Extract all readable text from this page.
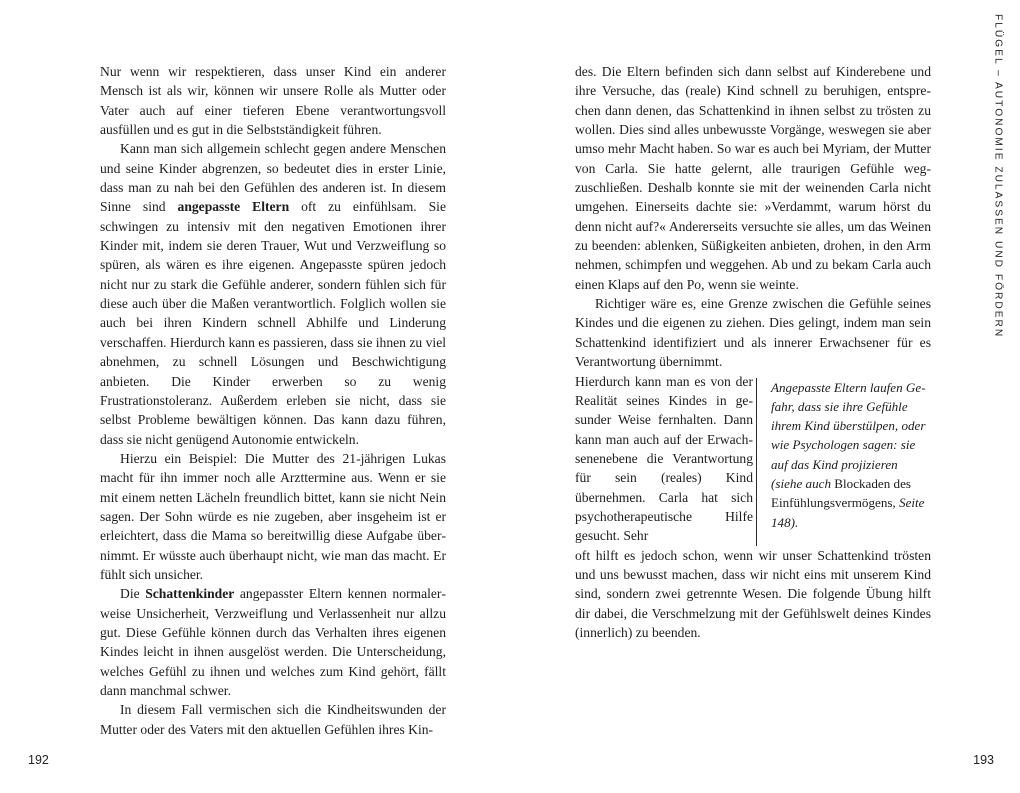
Nur wenn wir respektieren, dass unser Kind ein anderer Mensch ist als wir, können wir unsere Rolle als Mutter oder Vater auch auf einer tieferen Ebene verantwortungsvoll ausfüllen und es gut in die Selbstständigkeit führen.

Kann man sich allgemein schlecht gegen andere Menschen und seine Kinder abgrenzen, so bedeutet dies in erster Linie, dass man zu nah bei den Gefühlen des anderen ist. In diesem Sinne sind angepasste Eltern oft zu einfühlsam. Sie schwingen zu intensiv mit den negativen Emotionen ihrer Kinder mit, indem sie deren Trauer, Wut und Verzweiflung so spüren, als wären es ihre eigenen. Angepasste spüren jedoch nicht nur zu stark die Gefühle anderer, sondern fühlen sich für diese auch über die Maßen verantwortlich. Folglich wollen sie auch bei ihren Kindern schnell Abhilfe und Linderung verschaffen. Hierdurch kann es passieren, dass sie ihnen zu viel abnehmen, zu schnell Lösungen und Beschwichtigung anbieten. Die Kinder erwerben so zu wenig Frustrationstoleranz. Außerdem erleben sie nicht, dass sie selbst Probleme bewältigen können. Das kann dazu führen, dass sie nicht genügend Autonomie entwickeln.

Hierzu ein Beispiel: Die Mutter des 21-jährigen Lukas macht für ihn immer noch alle Arzttermine aus. Wenn er sie mit einem netten Lächeln freundlich bittet, kann sie nicht Nein sagen. Der Sohn würde es nie zugeben, aber insgeheim ist er erleichtert, dass die Mama so bereitwillig diese Aufgabe übernimmt. Er wüsste auch überhaupt nicht, wie man das macht. Er fühlt sich unsicher.

Die Schattenkinder angepasster Eltern kennen normalerweise Unsicherheit, Verzweiflung und Verlassenheit nur allzu gut. Diese Gefühle können durch das Verhalten ihres eigenen Kindes leicht in ihnen ausgelöst werden. Die Unterscheidung, welches Gefühl zu ihnen und welches zum Kind gehört, fällt dann manchmal schwer.

In diesem Fall vermischen sich die Kindheitswunden der Mutter oder des Vaters mit den aktuellen Gefühlen ihres Kin-

192
FLÜGEL – AUTONOMIE ZULASSEN UND FÖRDERN

des. Die Eltern befinden sich dann selbst auf Kinderebene und ihre Versuche, das (reale) Kind schnell zu beruhigen, entsprechen dann denen, das Schattenkind in ihnen selbst zu trösten zu wollen. Dies sind alles unbewusste Vorgänge, weswegen sie aber umso mehr Macht haben. So war es auch bei Myriam, der Mutter von Carla. Sie hatte gelernt, alle traurigen Gefühle wegzuschließen. Deshalb konnte sie mit der weinenden Carla nicht umgehen. Einerseits dachte sie: »Verdammt, warum hörst du denn nicht auf?« Andererseits versuchte sie alles, um das Weinen zu beenden: ablenken, Süßigkeiten anbieten, drohen, in den Arm nehmen, schimpfen und weggehen. Ab und zu bekam Carla auch einen Klaps auf den Po, wenn sie weinte.

Richtiger wäre es, eine Grenze zwischen die Gefühle seines Kindes und die eigenen zu ziehen. Dies gelingt, indem man sein Schattenkind identifiziert und als innerer Erwachsener für es Verantwortung übernimmt.

Hierdurch kann man es von der Realität seines Kindes in gesunder Weise fernhalten. Dann kann man auch auf der Erwachsenenebene die Verantwortung für sein (reales) Kind übernehmen. Carla hat sich psychotherapeutische Hilfe gesucht. Sehr

Angepasste Eltern laufen Gefahr, dass sie ihre Gefühle ihrem Kind überstülpen, oder wie Psychologen sagen: sie auf das Kind projizieren (siehe auch Blockaden des Einfühlungsvermögens, Seite 148).

oft hilft es jedoch schon, wenn wir unser Schattenkind trösten und uns bewusst machen, dass wir nicht eins mit unserem Kind sind, sondern zwei getrennte Wesen. Die folgende Übung hilft dir dabei, die Verschmelzung mit der Gefühlswelt deines Kindes (innerlich) zu beenden.

193
